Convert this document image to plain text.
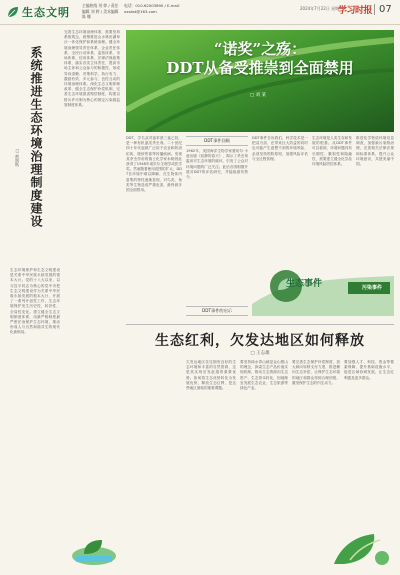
生态文明
主编热线 刘 婷 / 责任编辑 刘 婷 / 美术编辑 陈 娜
电话：010-62003890 / E-mail：xxsbst@163.com	2024年7月22日 星期一
学习时报 07
系统推进生态环境治理制度建设
□ 黄润秋
生态环境保护和生态文明建设是关系中华民族永续发展的根本大计。党的十八大以来，以习近平同志为核心的党中央把生态文明建设作为关系中华民族永续发展的根本大计，开展了一系列开创性工作，生态环境保护发生历史性、转折性、全局性变化。建立健全生态文明制度体系，用最严格制度最严密法治保护生态环境，推动形成人与自然和谐共生的现代化新格局。
完善生态环境治理体系，需要坚持系统观念，统筹推进山水林田湖草沙一体化保护和系统治理。健全环境治理领导责任体系、企业责任体系、全民行动体系、监管体系、市场体系、信用体系、法律法规政策体系，落实各类主体责任，提高市场主体和公众参与的积极性，形成导向清晰、决策科学、执行有力、激励有效、多元参与、良性互动的环境治理体系。深化生态文明体制改革，健全生态保护补偿机制，完善生态环境损害赔偿制度，构建以排污许可制为核心的固定污染源监管制度体系。
“诺奖”之殇：
DDT从备受推崇到全面禁用
□ 刘 某
DDT，学名双对氯苯基三氯乙烷，是一种有机氯类杀虫剂。二十世纪四十年代起被广泛用于农业和防治疟疾、斑疹伤寒等传播疾病。发现其杀虫作用的瑞士化学家米勒因此获得了1948年诺贝尔生理学或医学奖。然而随着使用范围的扩大，DDT在环境中难以降解、在生物体内富集的特性逐渐显现，对鸟类、鱼类等生物造成严重危害，最终被多国全面禁用。
DDT事件回顾
1962年，美国海洋生物学家蕾切尔·卡逊出版《寂静的春天》，揭示了杀虫剂滥用对生态环境的破坏，引发了公众对环境问题的广泛关注。此后各国相继开展对DDT的评估研究，并陆续颁布禁令。
DDT事件告诉我们，科学技术是一把双刃剑，在带来巨大效益的同时也可能产生意想不到的环境风险，必须坚持预防原则，加强风险评估与全过程管理。
生态环境是人类生存和发展的根基。从DDT事件可以看到，环境问题具有长期性、累积性和隐蔽性，需要建立健全化学品环境风险防控体系。
推进化学物质环境信息调查，加强新污染物治理，完善相关法律法规和标准体系，提升公众环境意识，共建美丽中国。
DDT事件的启示
生态事件	污染事件
生态红利，欠发达地区如何释放
□ 王志雄
欠发达地区往往拥有良好的生态环境和丰富的自然资源，这是其实现后发赶超的重要优势。如何将生态优势转化为发展优势，释放生态红利，是这些地区面临的重要课题。
要坚持绿水青山就是金山银山的理念，探索生态产品价值实现机制，推动生态资源向生态资产、生态资本转化，因地制宜发展生态农业、生态旅游等绿色产业。
要完善生态保护补偿制度，加大纵向转移支付力度，推进横向生态补偿，让保护生态环境的地区和群众得到合理回报，激发保护生态的内生动力。
要加强人才、科技、资金等要素保障，提升基础设施水平，促进区域协调发展，让生态红利惠及更多群众。
